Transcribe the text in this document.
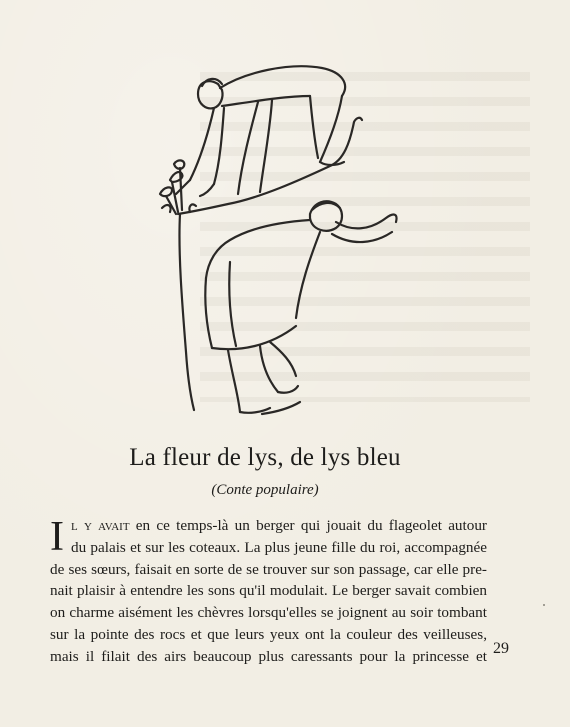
La fleur de lys, de lys bleu
(Conte populaire)
I l y avait en ce temps-là un berger qui jouait du flageolet autour
du palais et sur les coteaux. La plus jeune fille du roi, accompagnée
de ses sœurs, faisait en sorte de se trouver sur son passage, car elle pre-
nait plaisir à entendre les sons qu'il modulait. Le berger savait combien
on charme aisément les chèvres lorsqu'elles se joignent au soir tombant
sur la pointe des rocs et que leurs yeux ont la couleur des veilleuses,
mais il filait des airs beaucoup plus caressants pour la princesse et 29
